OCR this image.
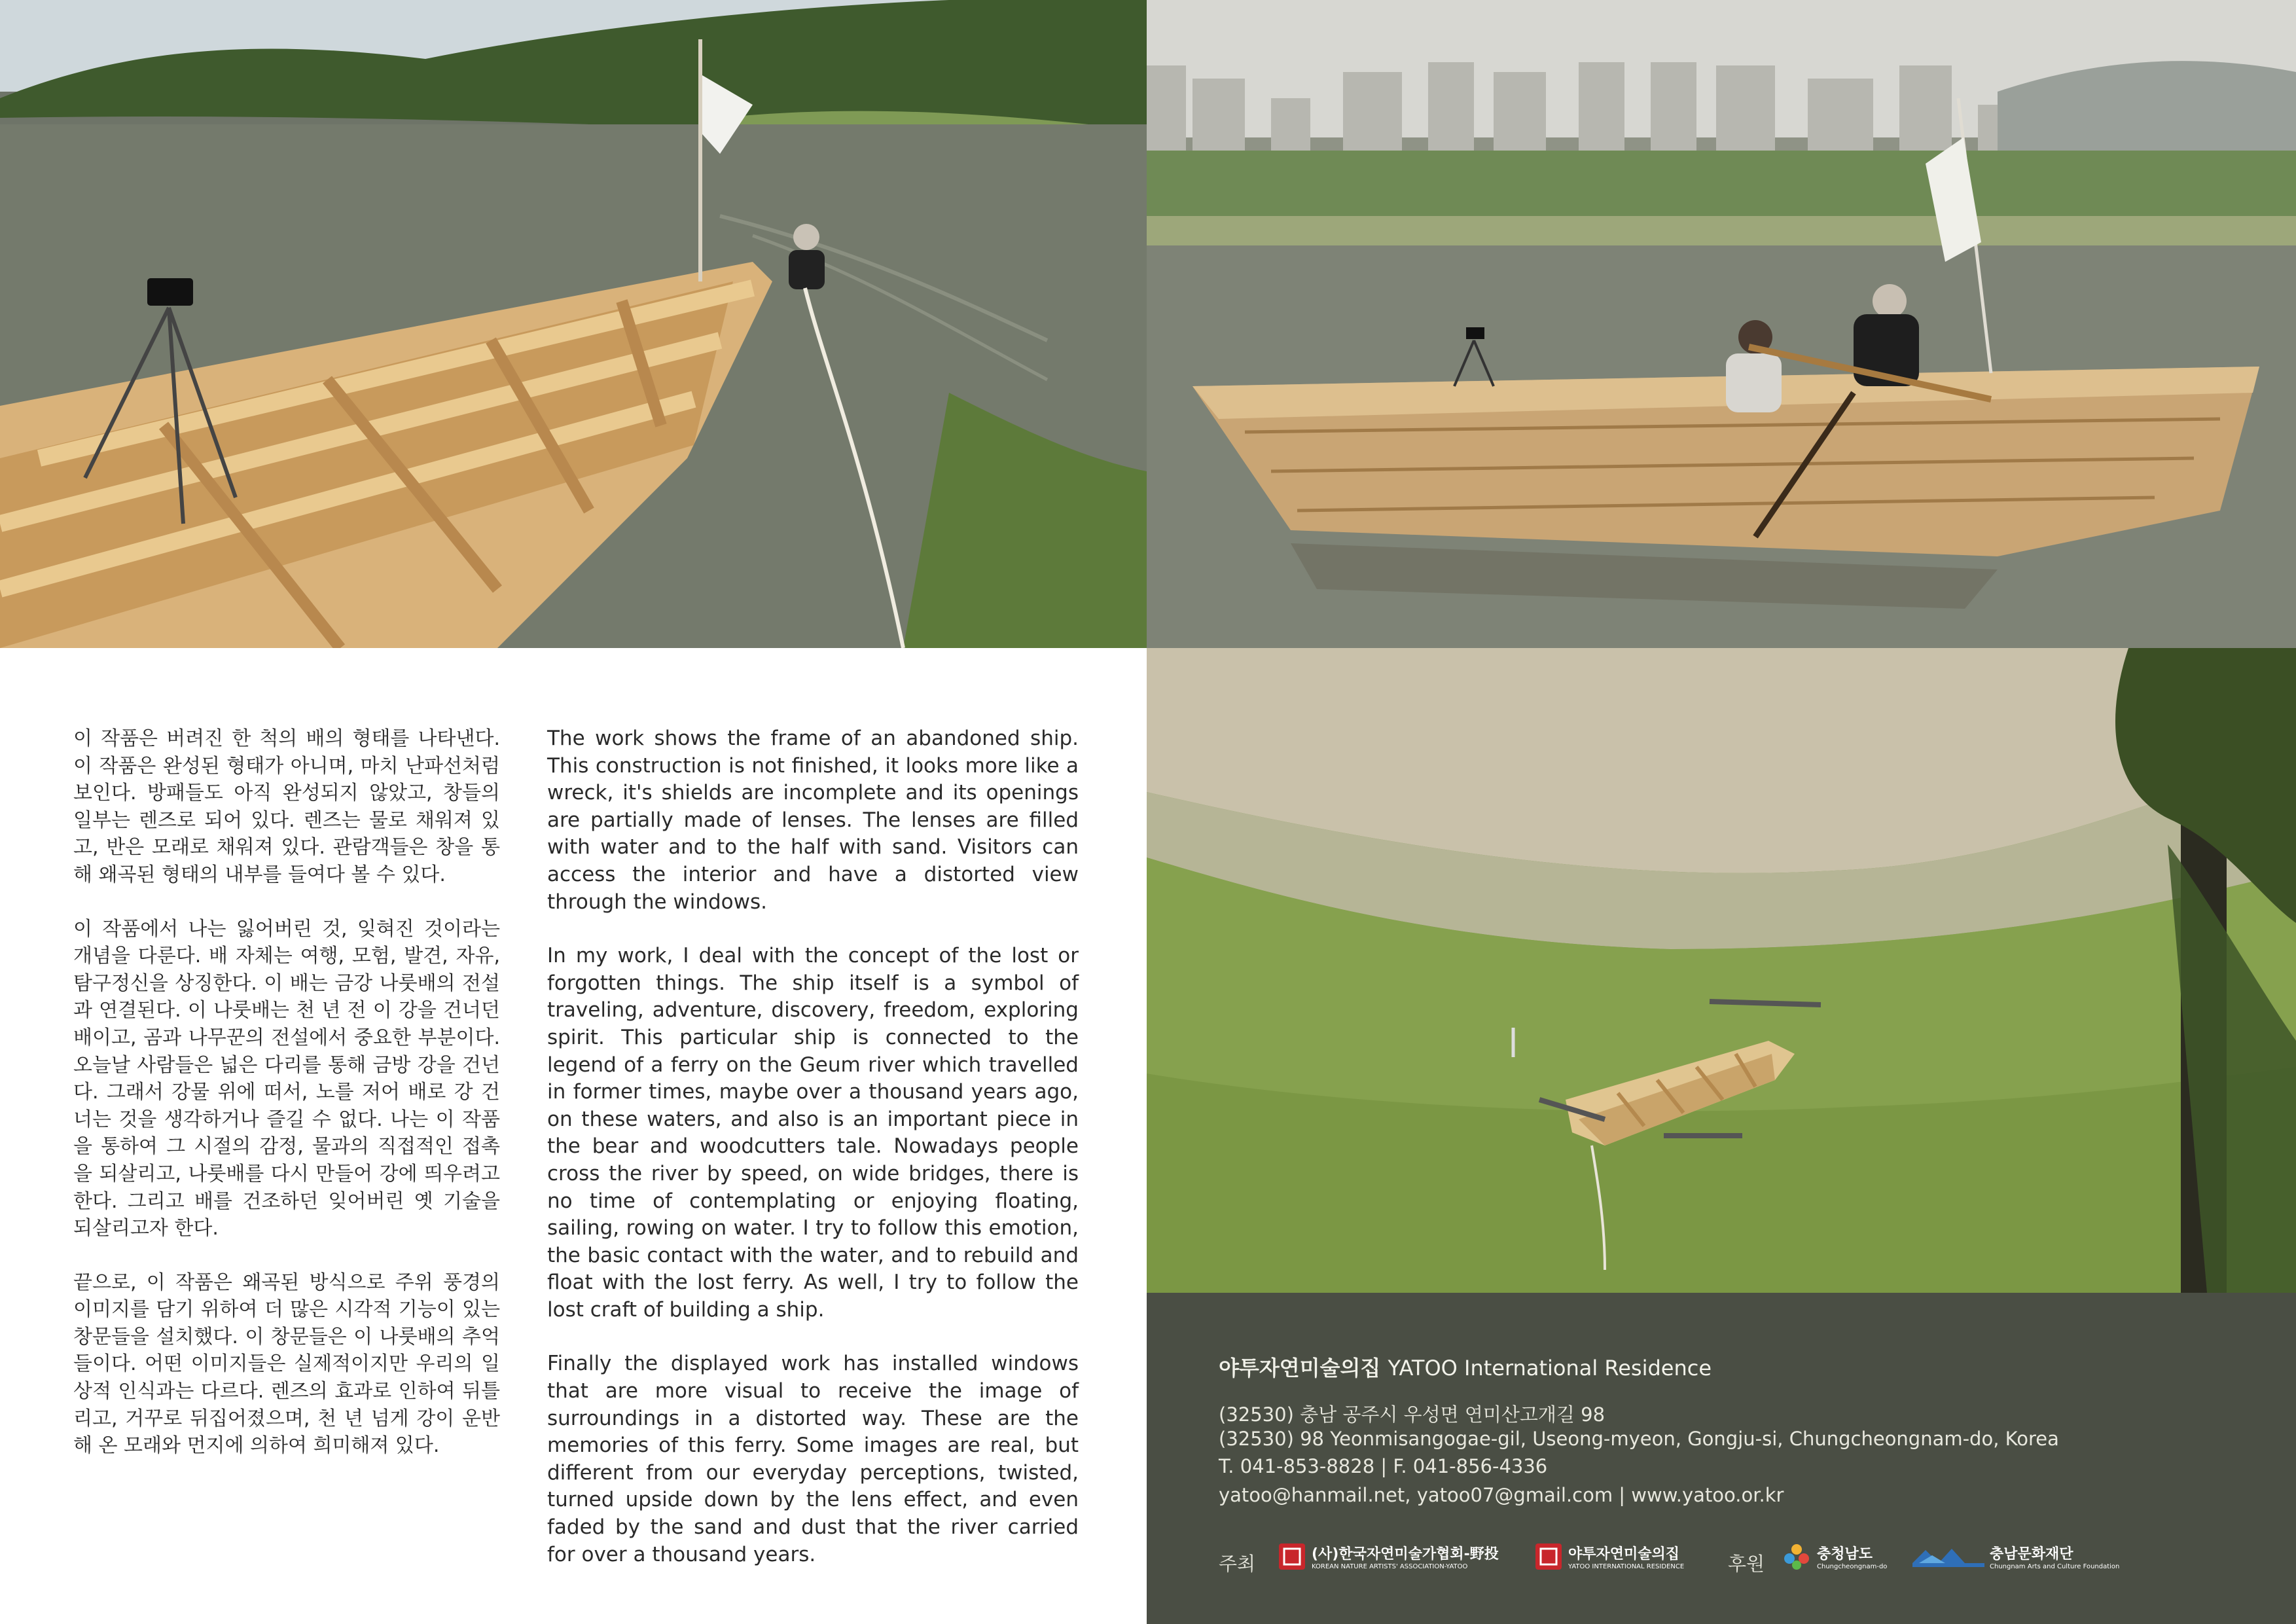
이 작품은 버려진 한 척의 배의 형태를 나타낸다. 이 작품은 완성된 형태가 아니며, 마치 난파선처럼 보인다. 방패들도 아직 완성되지 않았고, 창들의 일부는 렌즈로 되어 있다. 렌즈는 물로 채워져 있고, 반은 모래로 채워져 있다. 관람객들은 창을 통해 왜곡된 형태의 내부를 들여다 볼 수 있다.

이 작품에서 나는 잃어버린 것, 잊혀진 것이라는 개념을 다룬다. 배 자체는 여행, 모험, 발견, 자유, 탐구정신을 상징한다. 이 배는 금강 나룻배의 전설과 연결된다. 이 나룻배는 천 년 전 이 강을 건너던 배이고, 곰과 나무꾼의 전설에서 중요한 부분이다. 오늘날 사람들은 넓은 다리를 통해 금방 강을 건넌다. 그래서 강물 위에 떠서, 노를 저어 배로 강 건너는 것을 생각하거나 즐길 수 없다. 나는 이 작품을 통하여 그 시절의 감정, 물과의 직접적인 접촉을 되살리고, 나룻배를 다시 만들어 강에 띄우려고 한다. 그리고 배를 건조하던 잊어버린 옛 기술을 되살리고자 한다.

끝으로, 이 작품은 왜곡된 방식으로 주위 풍경의 이미지를 담기 위하여 더 많은 시각적 기능이 있는 창문들을 설치했다. 이 창문들은 이 나룻배의 추억들이다. 어떤 이미지들은 실제적이지만 우리의 일상적 인식과는 다르다. 렌즈의 효과로 인하여 뒤틀리고, 거꾸로 뒤집어졌으며, 천 년 넘게 강이 운반해 온 모래와 먼지에 의하여 희미해져 있다.

The work shows the frame of an abandoned ship. This construction is not finished, it looks more like a wreck, it's shields are incomplete and its openings are partially made of lenses. The lenses are filled with water and to the half with sand. Visitors can access the interior and have a distorted view through the windows.

In my work, I deal with the concept of the lost or forgotten things. The ship itself is a symbol of traveling, adventure, discovery, freedom, exploring spirit. This particular ship is connected to the legend of a ferry on the Geum river which travelled in former times, maybe over a thousand years ago, on these waters, and also is an important piece in the bear and woodcutters tale. Nowadays people cross the river by speed, on wide bridges, there is no time of contemplating or enjoying floating, sailing, rowing on water. I try to follow this emotion, the basic contact with the water, and to rebuild and float with the lost ferry. As well, I try to follow the lost craft of building a ship.

Finally the displayed work has installed windows that are more visual to receive the image of surroundings in a distorted way. These are the memories of this ferry. Some images are real, but different from our everyday perceptions, twisted, turned upside down by the lens effect, and even faded by the sand and dust that the river carried for over a thousand years.

야투자연미술의집 YATOO International Residence
(32530) 충남 공주시 우성면 연미산고개길 98
(32530) 98 Yeonmisangogae-gil, Useong-myeon, Gongju-si, Chungcheongnam-do, Korea
T. 041-853-8828 | F. 041-856-4336
yatoo@hanmail.net, yatoo07@gmail.com | www.yatoo.or.kr
주최	(사)한국자연미술가협회-野投
KOREAN NATURE ARTISTS' ASSOCIATION-YATOO
야투자연미술의집
YATOO INTERNATIONAL RESIDENCE 후원	충청남도
Chungcheongnam-do
충남문화재단
Chungnam Arts and Culture Foundation
